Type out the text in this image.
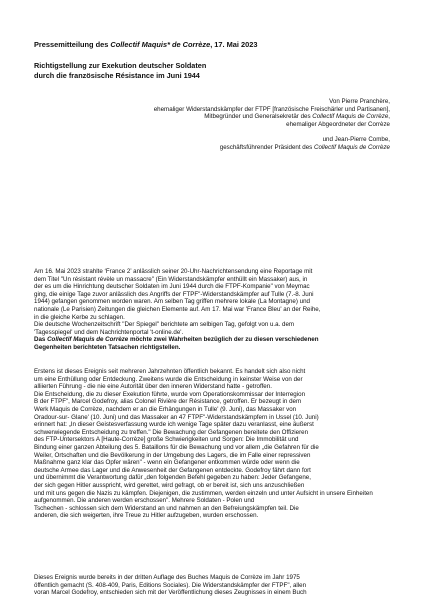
Pressemitteilung des Collectif Maquis* de Corrèze, 17. Mai 2023
Richtigstellung zur Exekution deutscher Soldaten
durch die französische Résistance im Juni 1944
Von Pierre Pranchère,
ehemaliger Widerstandskämpfer der FTPF [französische Freischärler und Partisanen],
Mitbegründer und Generalsekretär des Collectif Maquis de Corrèze,
ehemaliger Abgeordneter der Corrèze
und Jean-Pierre Combe,
geschäftsführender Präsident des Collectif Maquis de Corrèze
Am 16. Mai 2023 strahlte ‘France 2’ anlässlich seiner 20-Uhr-Nachrichtensendung eine Reportage mit
dem Titel "Un résistant révèle un massacre" (Ein Widerstandskämpfer enthüllt ein Massaker) aus, in
der es um die Hinrichtung deutscher Soldaten im Juni 1944 durch die FTPF-Kompanie" von Meymac
ging, die einige Tage zuvor anlässlich des Angriffs der FTPF"-Widerstandskämpfer auf Tulle (7.-8. Juni
1944) gefangen genommen worden waren. Am selben Tag griffen mehrere lokale (La Montagne) und
nationale (Le Parisien) Zeitungen die gleichen Elemente auf. Am 17. Mai war 'France Bleu' an der Reihe,
in die gleiche Kerbe zu schlagen.
Die deutsche Wochenzeitschrift "Der Spiegel" berichtete am selbigen Tag, gefolgt von u.a. dem
'Tagesspiegel' und dem Nachrichtenportal 't-online.de'.
Das Collectif Maquis de Corrèze möchte zwei Wahrheiten bezüglich der zu diesen verschiedenen
Gegenheiten berichteten Tatsachen richtigstellen.
Erstens ist dieses Ereignis seit mehreren Jahrzehnten öffentlich bekannt. Es handelt sich also nicht
um eine Enthüllung oder Entdeckung. Zweitens wurde die Entscheidung in keinster Weise von der
alliierten Führung - die nie eine Autorität über den inneren Widerstand hatte - getroffen.
Die Entscheidung, die zu dieser Exekution führte, wurde vom Operationskommissar der Interregion
B der FTPF", Marcel Godefroy, alias Colonel Rivière der Résistance, getroffen. Er bezeugt in dem
Werk Maquis de Corrèze, nachdem er an die Erhängungen in Tulle' (9. Juni), das Massaker von
Oradour-sur- Glane' (10. Juni) und das Massaker an 47 FTPF"-Widerstandskämpfern in Ussel (10. Juni)
erinnert hat: „In dieser Geistesverfassung wurde ich wenige Tage später dazu veranlasst, eine äußerst
schwerwiegende Entscheidung zu treffen." Die Bewachung der Gefangenen bereitete den Offizieren
des FTP-Untersektors A [Haute-Corrèze] große Schwierigkeiten und Sorgen: Die Immobilität und
Bindung einer ganzen Abteilung des 5. Bataillons für die Bewachung und vor allem „die Gefahren für die
Weiler, Ortschaften und die Bevölkerung in der Umgebung des Lagers, die im Falle einer repressiven
Maßnahme ganz klar das Opfer wären" - wenn ein Gefangener entkommen würde oder wenn die
deutsche Armee das Lager und die Anwesenheit der Gefangenen entdeckte. Godefroy fährt dann fort
und übernimmt die Verantwortung dafür „den folgenden Befehl gegeben zu haben: Jeder Gefangene,
der sich gegen Hitler ausspricht, wird gerettet, wird gefragt, ob er bereit ist, sich uns anzuschließen
und mit uns gegen die Nazis zu kämpfen. Diejenigen, die zustimmen, werden einzeln und unter Aufsicht in unsere Einheiten
aufgenommen. Die anderen werden erschossen". Mehrere Soldaten - Polen und
Tschechen - schlossen sich dem Widerstand an und nahmen an den Befreiungskämpfen teil. Die
anderen, die sich weigerten, ihre Treue zu Hitler aufzugeben, wurden erschossen.
Dieses Ereignis wurde bereits in der dritten Auflage des Buches Maquis de Corrèze im Jahr 1975
öffentlich gemacht (S. 408-409, Paris, Editions Sociales). Die Widerstandskämpfer der FTPF", allen
voran Marcel Godefroy, entschieden sich mit der Veröffentlichung dieses Zeugnisses in einem Buch
